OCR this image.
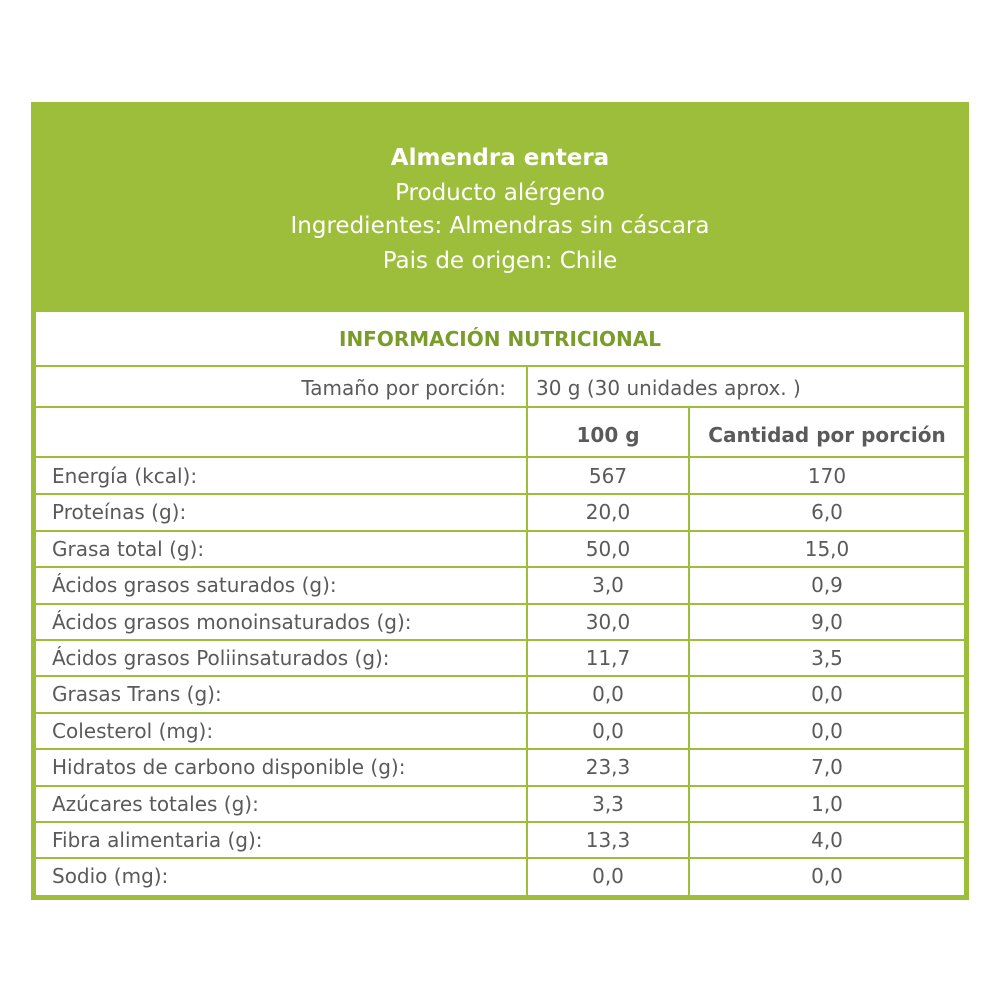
Almendra entera
Producto alérgeno
Ingredientes: Almendras sin cáscara
Pais de origen: Chile
INFORMACIÓN NUTRICIONAL
Tamaño por porción: 30 g (30 unidades aprox. )
100 g	Cantidad por porción
Energía (kcal):	567	170
Proteínas (g):	20,0	6,0
Grasa total (g):	50,0	15,0
Ácidos grasos saturados (g):	3,0	0,9
Ácidos grasos monoinsaturados (g):	30,0	9,0
Ácidos grasos Poliinsaturados (g):	11,7	3,5
Grasas Trans (g):	0,0	0,0
Colesterol (mg):	0,0	0,0
Hidratos de carbono disponible (g):	23,3	7,0
Azúcares totales (g):	3,3	1,0
Fibra alimentaria (g):	13,3	4,0
Sodio (mg):	0,0	0,0
